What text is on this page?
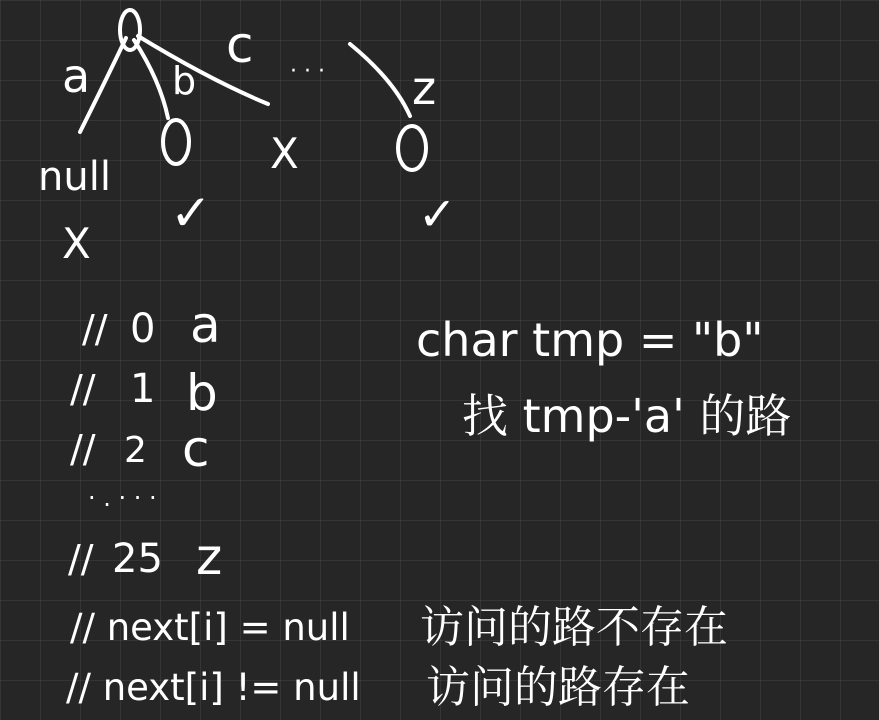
a b
c · · · z
null
X
✓
X
✓
// 0 a
// 1 b
// 2 c
· . · · ·
// 25 z
char tmp = "b"
找 tmp-'a' 的路
// next[i] = null 访问的路不存在
// next[i] != null 访问的路存在
